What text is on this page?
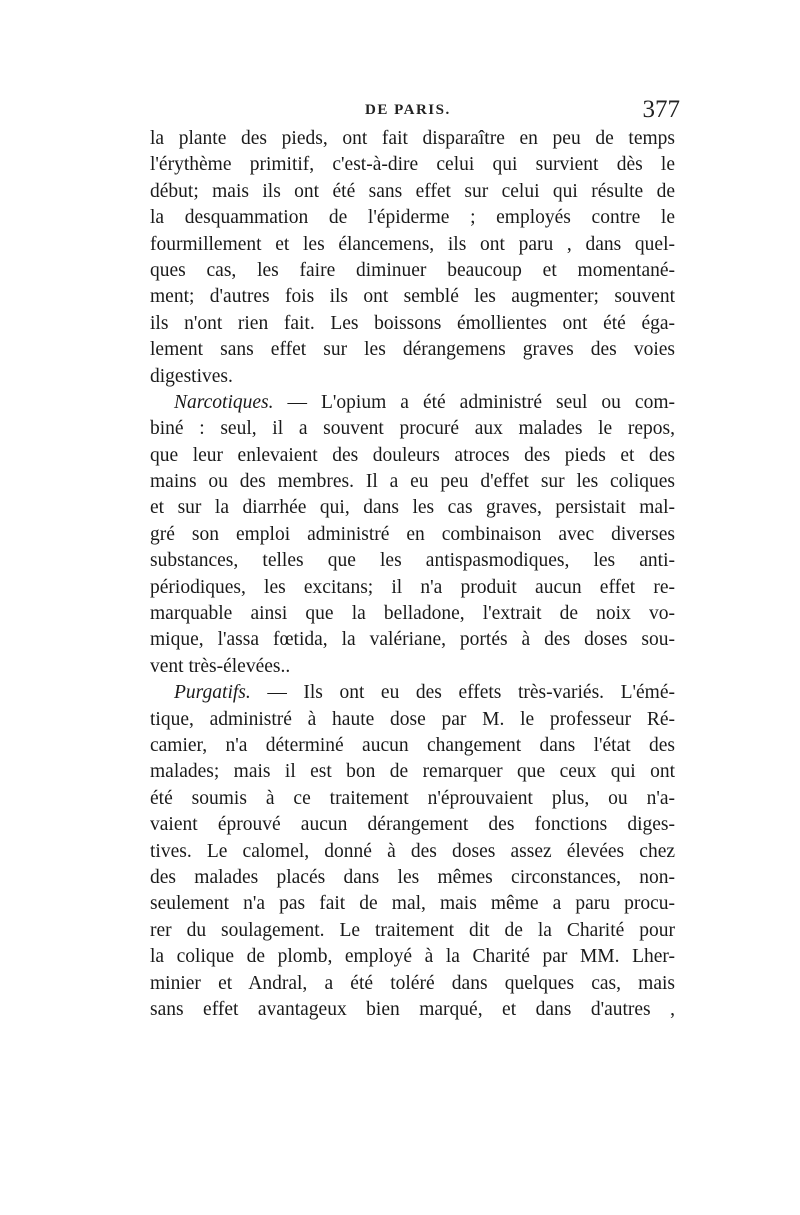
DE PARIS.	377
la plante des pieds, ont fait disparaître en peu de temps
l'érythème primitif, c'est-à-dire celui qui survient dès le
début; mais ils ont été sans effet sur celui qui résulte de
la desquammation de l'épiderme ; employés contre le
fourmillement et les élancemens, ils ont paru , dans quel-
ques cas, les faire diminuer beaucoup et momentané-
ment; d'autres fois ils ont semblé les augmenter; souvent
ils n'ont rien fait. Les boissons émollientes ont été éga-
lement sans effet sur les dérangemens graves des voies
digestives.
Narcotiques. — L'opium a été administré seul ou com-
biné : seul, il a souvent procuré aux malades le repos,
que leur enlevaient des douleurs atroces des pieds et des
mains ou des membres. Il a eu peu d'effet sur les coliques
et sur la diarrhée qui, dans les cas graves, persistait mal-
gré son emploi administré en combinaison avec diverses
substances, telles que les antispasmodiques, les anti-
périodiques, les excitans; il n'a produit aucun effet re-
marquable ainsi que la belladone, l'extrait de noix vo-
mique, l'assa fœtida, la valériane, portés à des doses sou-
vent très-élevées..
Purgatifs. — Ils ont eu des effets très-variés. L'émé-
tique, administré à haute dose par M. le professeur Ré-
camier, n'a déterminé aucun changement dans l'état des
malades; mais il est bon de remarquer que ceux qui ont
été soumis à ce traitement n'éprouvaient plus, ou n'a-
vaient éprouvé aucun dérangement des fonctions diges-
tives. Le calomel, donné à des doses assez élevées chez
des malades placés dans les mêmes circonstances, non-
seulement n'a pas fait de mal, mais même a paru procu-
rer du soulagement. Le traitement dit de la Charité pour
la colique de plomb, employé à la Charité par MM. Lher-
minier et Andral, a été toléré dans quelques cas, mais
sans effet avantageux bien marqué, et dans d'autres ,
